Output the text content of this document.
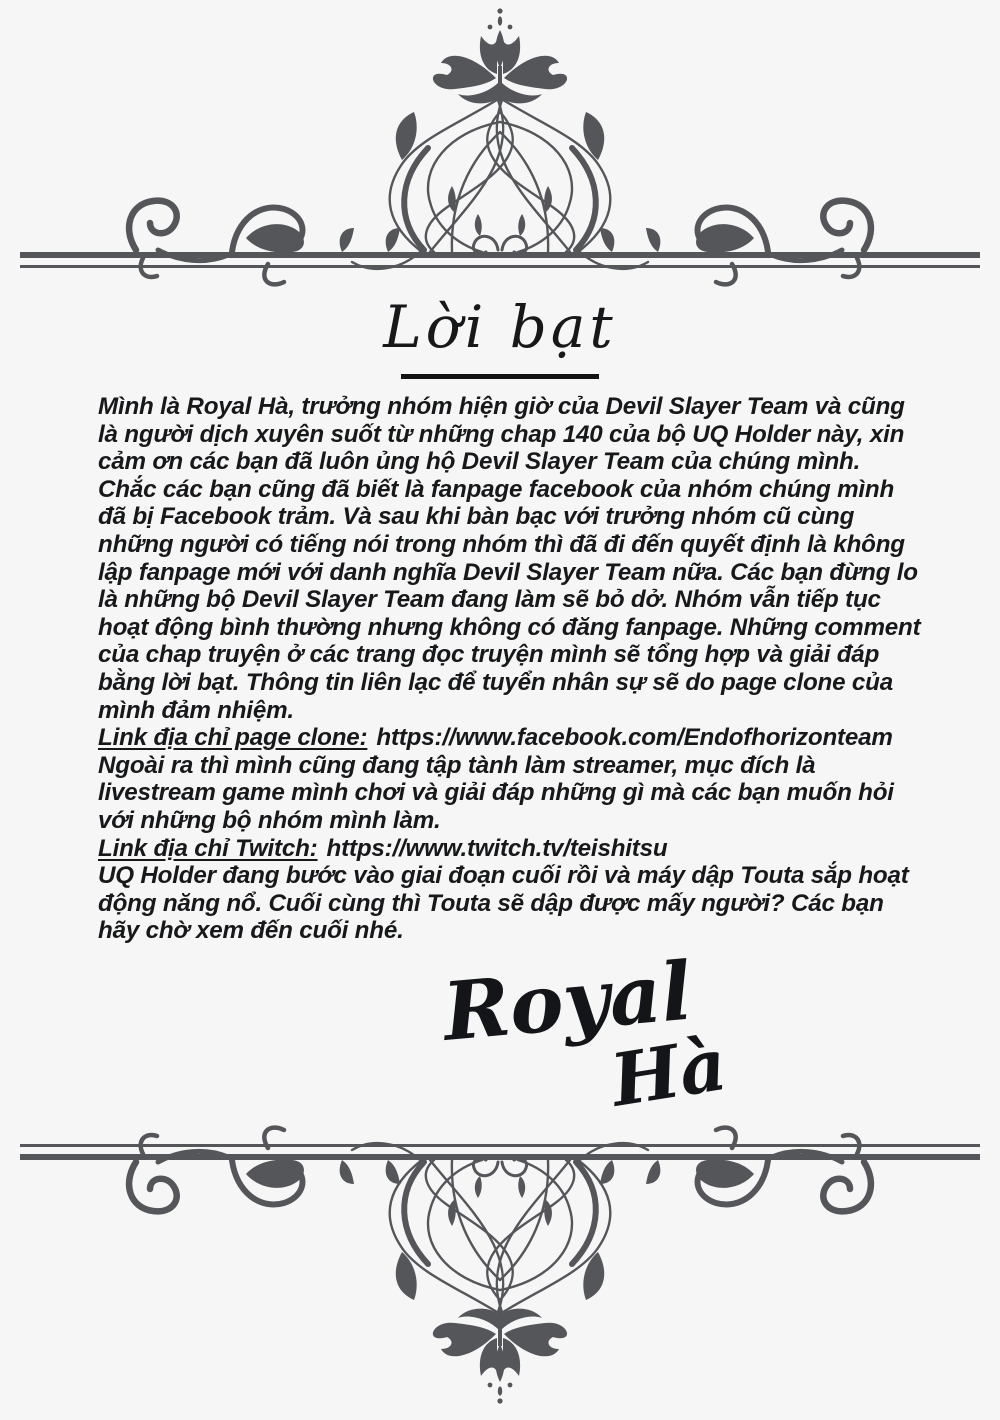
Lời bạt
Mình là Royal Hà, trưởng nhóm hiện giờ của Devil Slayer Team và cũng là người dịch xuyên suốt từ những chap 140 của bộ UQ Holder này, xin cảm ơn các bạn đã luôn ủng hộ Devil Slayer Team của chúng mình. Chắc các bạn cũng đã biết là fanpage facebook của nhóm chúng mình đã bị Facebook trảm. Và sau khi bàn bạc với trưởng nhóm cũ cùng những người có tiếng nói trong nhóm thì đã đi đến quyết định là không lập fanpage mới với danh nghĩa Devil Slayer Team nữa. Các bạn đừng lo là những bộ Devil Slayer Team đang làm sẽ bỏ dở. Nhóm vẫn tiếp tục hoạt động bình thường nhưng không có đăng fanpage. Những comment của chap truyện ở các trang đọc truyện mình sẽ tổng hợp và giải đáp bằng lời bạt. Thông tin liên lạc để tuyển nhân sự sẽ do page clone của mình đảm nhiệm.
Link địa chỉ page clone: https://www.facebook.com/Endofhorizonteam
Ngoài ra thì mình cũng đang tập tành làm streamer, mục đích là livestream game mình chơi và giải đáp những gì mà các bạn muốn hỏi với những bộ nhóm mình làm.
Link địa chỉ Twitch: https://www.twitch.tv/teishitsu
UQ Holder đang bước vào giai đoạn cuối rồi và máy dập Touta sắp hoạt động năng nổ. Cuối cùng thì Touta sẽ dập được mấy người? Các bạn hãy chờ xem đến cuối nhé.
Royal
Hà
